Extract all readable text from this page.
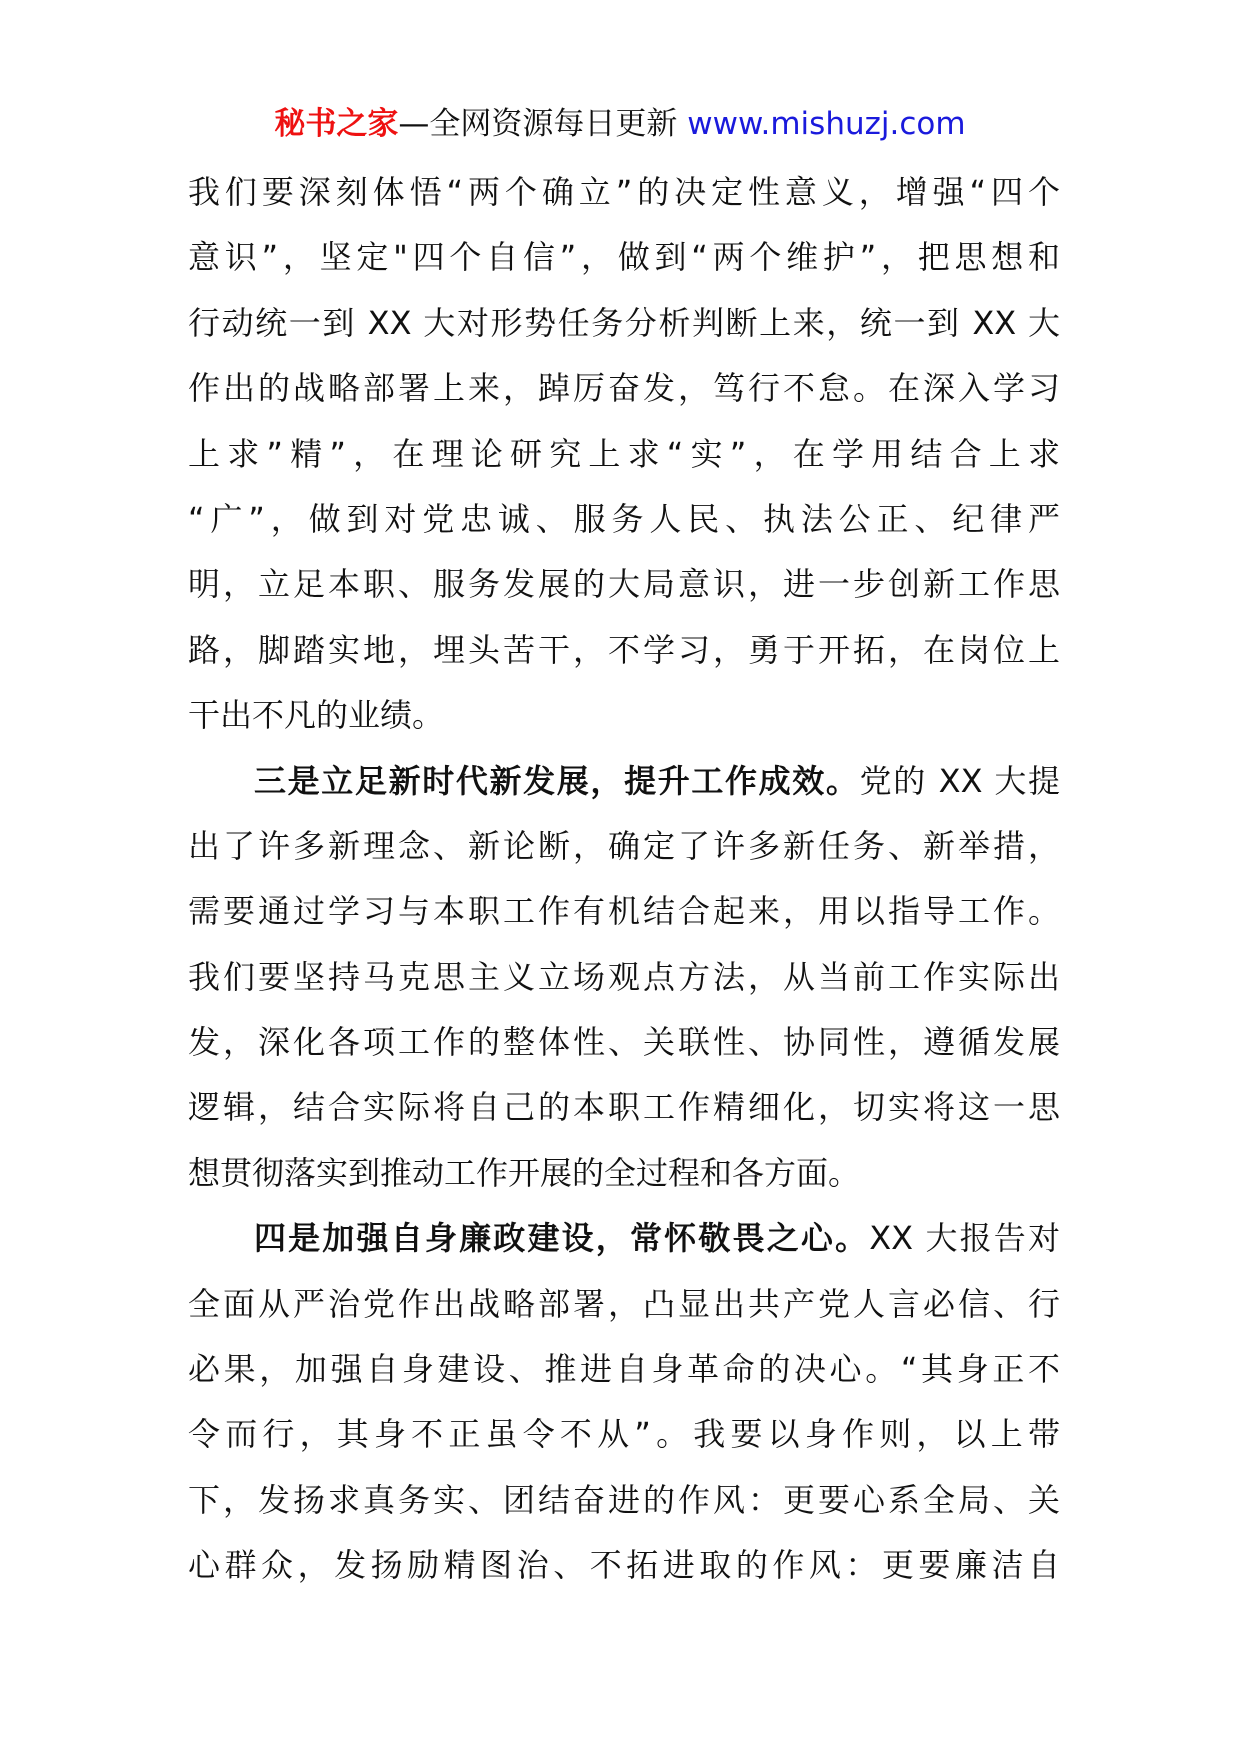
秘书之家—全网资源每日更新 www.mishuzj.com
我们要深刻体悟“两个确立”的决定性意义，增强“四个
意识”，坚定"四个自信”，做到“两个维护”，把思想和
行动统一到 XX 大对形势任务分析判断上来，统一到 XX 大
作出的战略部署上来，踔厉奋发，笃行不怠。在深入学习
上求”精”，在理论研究上求“实”，在学用结合上求
“广”，做到对党忠诚、服务人民、执法公正、纪律严
明，立足本职、服务发展的大局意识，进一步创新工作思
路，脚踏实地，埋头苦干，不学习，勇于开拓，在岗位上
干出不凡的业绩。
三是立足新时代新发展，提升工作成效。党的 XX 大提
出了许多新理念、新论断，确定了许多新任务、新举措，
需要通过学习与本职工作有机结合起来，用以指导工作。
我们要坚持马克思主义立场观点方法，从当前工作实际出
发，深化各项工作的整体性、关联性、协同性，遵循发展
逻辑，结合实际将自己的本职工作精细化，切实将这一思
想贯彻落实到推动工作开展的全过程和各方面。
四是加强自身廉政建设，常怀敬畏之心。XX 大报告对
全面从严治党作出战略部署，凸显出共产党人言必信、行
必果，加强自身建设、推进自身革命的决心。“其身正不
令而行，其身不正虽令不从”。我要以身作则，以上带
下，发扬求真务实、团结奋进的作风：更要心系全局、关
心群众，发扬励精图治、不拓进取的作风：更要廉洁自
